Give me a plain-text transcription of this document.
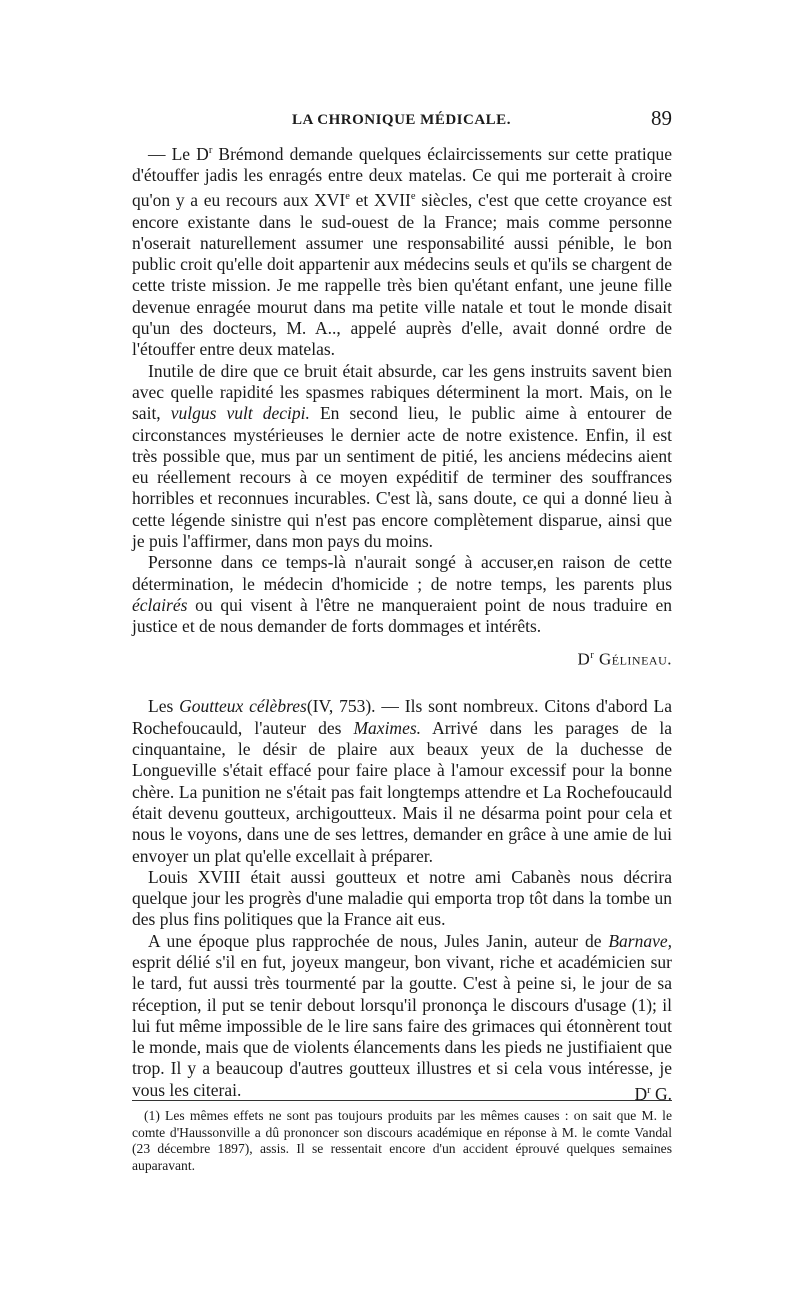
LA CHRONIQUE MÉDICALE.	89

— Le $D^r$ Brémond demande quelques éclaircissements sur cette pratique d'étouffer jadis les enragés entre deux matelas. Ce qui me porterait à croire qu'on y a eu recours aux XVIe et XVIIe siècles, c'est que cette croyance est encore existante dans le sud-ouest de la France; mais comme personne n'oserait naturellement assumer une responsabilité aussi pénible, le bon public croit qu'elle doit appartenir aux médecins seuls et qu'ils se chargent de cette triste mission. Je me rappelle très bien qu'étant enfant, une jeune fille devenue enragée mourut dans ma petite ville natale et tout le monde disait qu'un des docteurs, M. A.., appelé auprès d'elle, avait donné ordre de l'étouffer entre deux matelas.

Inutile de dire que ce bruit était absurde, car les gens instruits savent bien avec quelle rapidité les spasmes rabiques déterminent la mort. Mais, on le sait, vulgus vult decipi. En second lieu, le public aime à entourer de circonstances mystérieuses le dernier acte de notre existence. Enfin, il est très possible que, mus par un sentiment de pitié, les anciens médecins aient eu réellement recours à ce moyen expéditif de terminer des souffrances horribles et reconnues incurables. C'est là, sans doute, ce qui a donné lieu à cette légende sinistre qui n'est pas encore complètement disparue, ainsi que je puis l'affirmer, dans mon pays du moins.

Personne dans ce temps-là n'aurait songé à accuser,en raison de cette détermination, le médecin d'homicide ; de notre temps, les parents plus éclairés ou qui visent à l'être ne manqueraient point de nous traduire en justice et de nous demander de forts dommages et intérêts.

$D^r$ Gélineau.

Les Goutteux célèbres(IV, 753). — Ils sont nombreux. Citons d'abord La Rochefoucauld, l'auteur des Maximes. Arrivé dans les parages de la cinquantaine, le désir de plaire aux beaux yeux de la duchesse de Longueville s'était effacé pour faire place à l'amour excessif pour la bonne chère. La punition ne s'était pas fait longtemps attendre et La Rochefoucauld était devenu goutteux, archigoutteux. Mais il ne désarma point pour cela et nous le voyons, dans une de ses lettres, demander en grâce à une amie de lui envoyer un plat qu'elle excellait à préparer.

Louis XVIII était aussi goutteux et notre ami Cabanès nous décrira quelque jour les progrès d'une maladie qui emporta trop tôt dans la tombe un des plus fins politiques que la France ait eus.

A une époque plus rapprochée de nous, Jules Janin, auteur de Barnave, esprit délié s'il en fut, joyeux mangeur, bon vivant, riche et académicien sur le tard, fut aussi très tourmenté par la goutte. C'est à peine si, le jour de sa réception, il put se tenir debout lorsqu'il prononça le discours d'usage (1); il lui fut même impossible de le lire sans faire des grimaces qui étonnèrent tout le monde, mais que de violents élancements dans les pieds ne justifiaient que trop. Il y a beaucoup d'autres goutteux illustres et si cela vous intéresse, je vous les citerai.	$D^r$ G.

(1) Les mêmes effets ne sont pas toujours produits par les mêmes causes : on sait que M. le comte d'Haussonville a dû prononcer son discours académique en réponse à M. le comte Vandal (23 décembre 1897), assis. Il se ressentait encore d'un accident éprouvé quelques semaines auparavant.
